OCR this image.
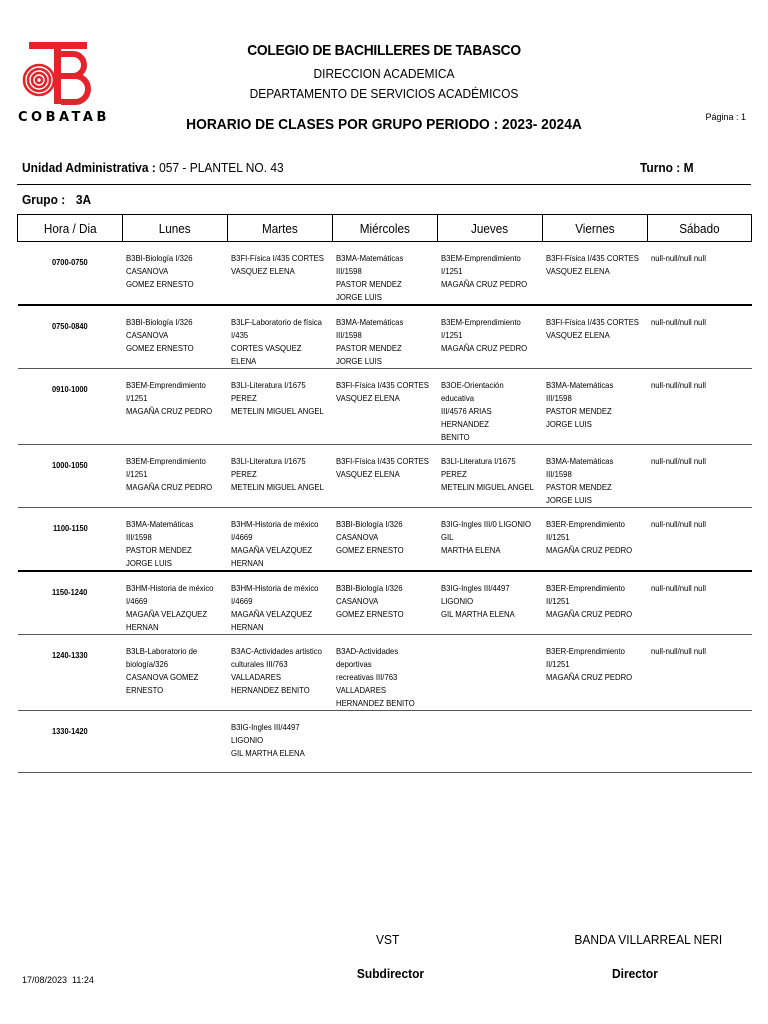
COBATAB
COLEGIO DE BACHILLERES DE TABASCO
DIRECCION ACADEMICA
DEPARTAMENTO DE SERVICIOS ACADÉMICOS
HORARIO DE CLASES POR GRUPO PERIODO : 2023- 2024A	Página : 1
Unidad Administrativa : 057 - PLANTEL NO. 43	Turno : M
Grupo : 3A
Hora / Dia	Lunes	Martes	Miércoles	Jueves	Viernes	Sábado
0700-0750	B3BI-Biología I/326 CASANOVA
GOMEZ ERNESTO	B3FI-Física I/435 CORTES
VASQUEZ ELENA	B3MA-Matemáticas III/1598
PASTOR MENDEZ JORGE LUIS	B3EM-Emprendimiento I/1251
MAGAÑA CRUZ PEDRO	B3FI-Física I/435 CORTES
VASQUEZ ELENA	null-null/null null

0750-0840	B3BI-Biología I/326 CASANOVA
GOMEZ ERNESTO	B3LF-Laboratorio de física I/435
CORTES VASQUEZ ELENA	B3MA-Matemáticas III/1598
PASTOR MENDEZ JORGE LUIS	B3EM-Emprendimiento I/1251
MAGAÑA CRUZ PEDRO	B3FI-Física I/435 CORTES
VASQUEZ ELENA	null-null/null null

0910-1000	B3EM-Emprendimiento I/1251
MAGAÑA CRUZ PEDRO	B3LI-Literatura I/1675 PEREZ
METELIN MIGUEL ANGEL	B3FI-Física I/435 CORTES
VASQUEZ ELENA	B3OE-Orientación educativa
III/4576 ARIAS HERNANDEZ
BENITO	B3MA-Matemáticas III/1598
PASTOR MENDEZ JORGE LUIS	null-null/null null

1000-1050	B3EM-Emprendimiento I/1251
MAGAÑA CRUZ PEDRO	B3LI-Literatura I/1675 PEREZ
METELIN MIGUEL ANGEL	B3FI-Física I/435 CORTES
VASQUEZ ELENA	B3LI-Literatura I/1675 PEREZ
METELIN MIGUEL ANGEL	B3MA-Matemáticas III/1598
PASTOR MENDEZ JORGE LUIS	null-null/null null

1100-1150	B3MA-Matemáticas III/1598
PASTOR MENDEZ JORGE LUIS	B3HM-Historia de méxico I/4669
MAGAÑA VELAZQUEZ HERNAN	B3BI-Biología I/326 CASANOVA
GOMEZ ERNESTO	B3IG-Ingles III/0 LIGONIO GIL
MARTHA ELENA	B3ER-Emprendimiento II/1251
MAGAÑA CRUZ PEDRO	null-null/null null

1150-1240	B3HM-Historia de méxico I/4669
MAGAÑA VELAZQUEZ HERNAN	B3HM-Historia de méxico I/4669
MAGAÑA VELAZQUEZ HERNAN	B3BI-Biología I/326 CASANOVA
GOMEZ ERNESTO	B3IG-Ingles III/4497 LIGONIO
GIL MARTHA ELENA	B3ER-Emprendimiento II/1251
MAGAÑA CRUZ PEDRO	null-null/null null

1240-1330	B3LB-Laboratorio de biología/326
CASANOVA GOMEZ ERNESTO	B3AC-Actividades artistico
culturales III/763 VALLADARES
HERNANDEZ BENITO	B3AD-Actividades deportivas
recreativas III/763 VALLADARES
HERNANDEZ BENITO		B3ER-Emprendimiento II/1251
MAGAÑA CRUZ PEDRO	null-null/null null

1330-1420		B3IG-Ingles III/4497 LIGONIO
GIL MARTHA ELENA				

VST	BANDA VILLARREAL NERI
Subdirector	Director
17/08/2023 11:24
